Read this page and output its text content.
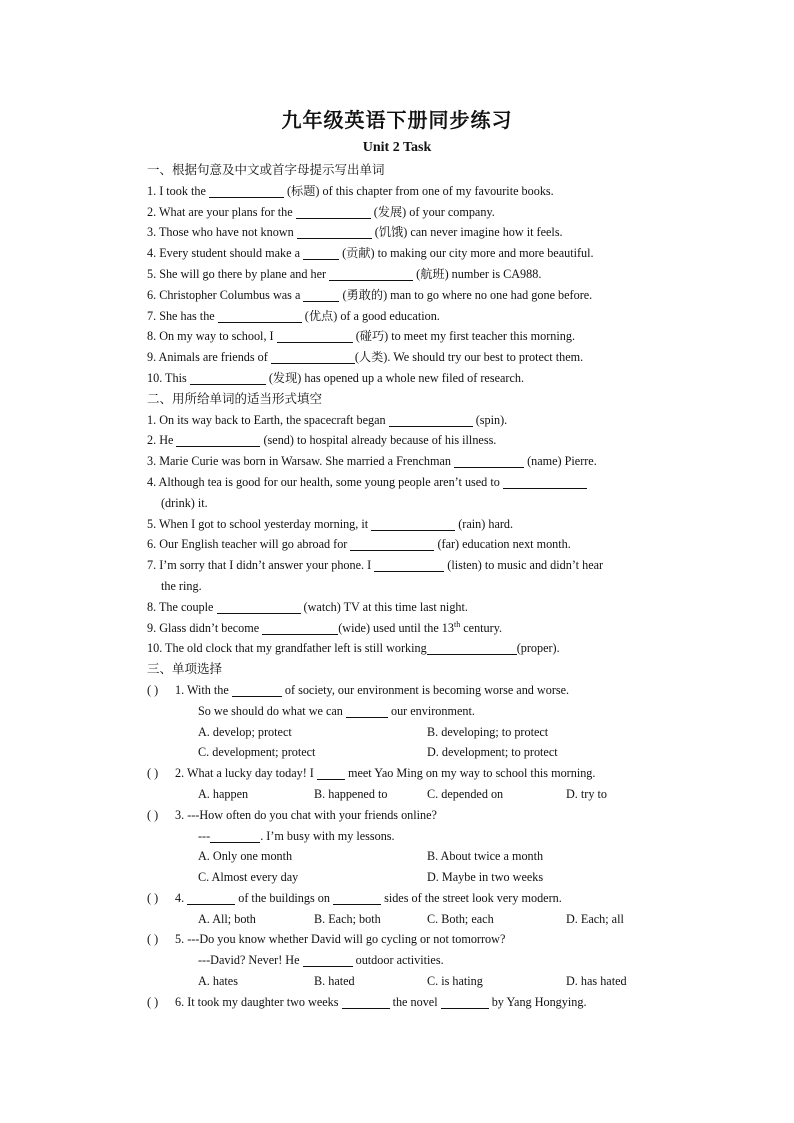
九年级英语下册同步练习
Unit 2 Task
一、根据句意及中文或首字母提示写出单词
1. I took the	(标题) of this chapter from one of my favourite books.
2. What are your plans for the	(发展) of your company.
3. Those who have not known	(饥饿) can never imagine how it feels.
4. Every student should make a	(贡献) to making our city more and more beautiful.
5. She will go there by plane and her	(航班) number is CA988.
6. Christopher Columbus was a	(勇敢的) man to go where no one had gone before.
7. She has the	(优点) of a good education.
8. On my way to school, I	(碰巧) to meet my first teacher this morning.
9. Animals are friends of	(人类). We should try our best to protect them.
10. This	(发现) has opened up a whole new filed of research.
二、用所给单词的适当形式填空
1. On its way back to Earth, the spacecraft began	(spin).
2. He	(send) to hospital already because of his illness.
3. Marie Curie was born in Warsaw. She married a Frenchman	(name) Pierre.
4. Although tea is good for our health, some young people aren’t used to
(drink) it.
5. When I got to school yesterday morning, it	(rain) hard.
6. Our English teacher will go abroad for	(far) education next month.
7. I’m sorry that I didn’t answer your phone. I	(listen) to music and didn’t hear
the ring.
8. The couple	(watch) TV at this time last night.
9. Glass didn’t become	(wide) used until the 13th century.
10. The old clock that my grandfather left is still working	(proper).
三、单项选择
( ) 1. With the	of society, our environment is becoming worse and worse.
So we should do what we can	our environment.
A. develop; protect	B. developing; to protect
C. development; protect	D. development; to protect
( ) 2. What a lucky day today! I  meet Yao Ming on my way to school this morning.
A. happen	B. happened to	C. depended on	D. try to
( ) 3. ---How often do you chat with your friends online?
---	. I’m busy with my lessons.
A. Only one month	B. About twice a month
C. Almost every day	D. Maybe in two weeks
( ) 4.	of the buildings on	sides of the street look very modern.
A. All; both	B. Each; both	C. Both; each	D. Each; all
( ) 5. ---Do you know whether David will go cycling or not tomorrow?
---David? Never! He	outdoor activities.
A. hates	B. hated	C. is hating	D. has hated
( ) 6. It took my daughter two weeks	the novel	by Yang Hongying.
